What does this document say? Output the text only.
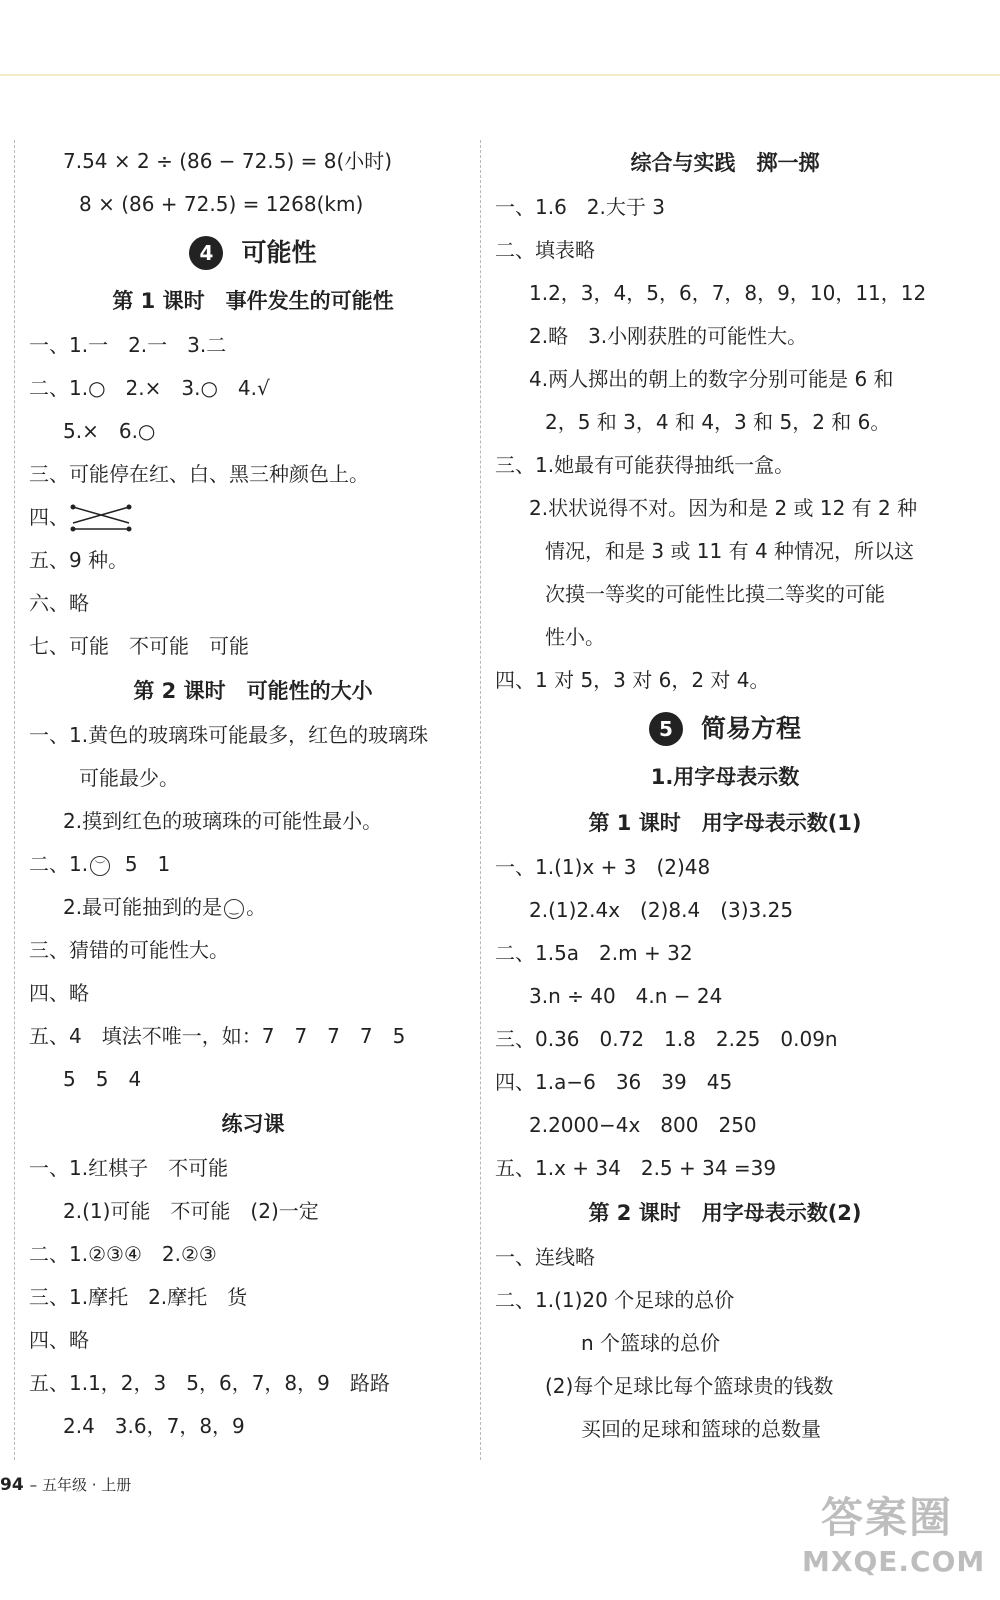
7.54 × 2 ÷ (86 − 72.5) = 8(小时)
8 × (86 + 72.5) = 1268(km)
4 可能性
第 1 课时　事件发生的可能性
一、1.一　2.一　3.二
二、1.○　2.×　3.○　4.√
5.×　6.○
三、可能停在红、白、黑三种颜色上。
四、
五、9 种。
六、略
七、可能　不可能　可能
第 2 课时　可能性的大小
一、1.黄色的玻璃珠可能最多，红色的玻璃珠
可能最少。
2.摸到红色的玻璃珠的可能性最小。
二、1. ︶ 5　1
2.最可能抽到的是 ‿ 。
三、猜错的可能性大。
四、略
五、4　填法不唯一，如：7　7　7　7　5
5　5　4
练习课
一、1.红棋子　不可能
2.(1)可能　不可能　(2)一定
二、1.②③④　2.②③
三、1.摩托　2.摩托　货
四、略
五、1.1，2，3　5，6，7，8，9　路路
2.4　3.6，7，8，9
综合与实践　掷一掷
一、1.6　2.大于 3
二、填表略
1.2，3，4，5，6，7，8，9，10，11，12
2.略　3.小刚获胜的可能性大。
4.两人掷出的朝上的数字分别可能是 6 和
2，5 和 3，4 和 4，3 和 5，2 和 6。
三、1.她最有可能获得抽纸一盒。
2.状状说得不对。因为和是 2 或 12 有 2 种
情况，和是 3 或 11 有 4 种情况，所以这
次摸一等奖的可能性比摸二等奖的可能
性小。
四、1 对 5，3 对 6，2 对 4。
5 简易方程
1.用字母表示数
第 1 课时　用字母表示数(1)
一、1.(1)x + 3　(2)48
2.(1)2.4x　(2)8.4　(3)3.25
二、1.5a　2.m + 32
3.n ÷ 40　4.n − 24
三、0.36　0.72　1.8　2.25　0.09n
四、1.a−6　36　39　45
2.2000−4x　800　250
五、1.x + 34　2.5 + 34 =39
第 2 课时　用字母表示数(2)
一、连线略
二、1.(1)20 个足球的总价
n 个篮球的总价
(2)每个足球比每个篮球贵的钱数
买回的足球和篮球的总数量
94 – 五年级 · 上册
答案圈
MXQE.COM
